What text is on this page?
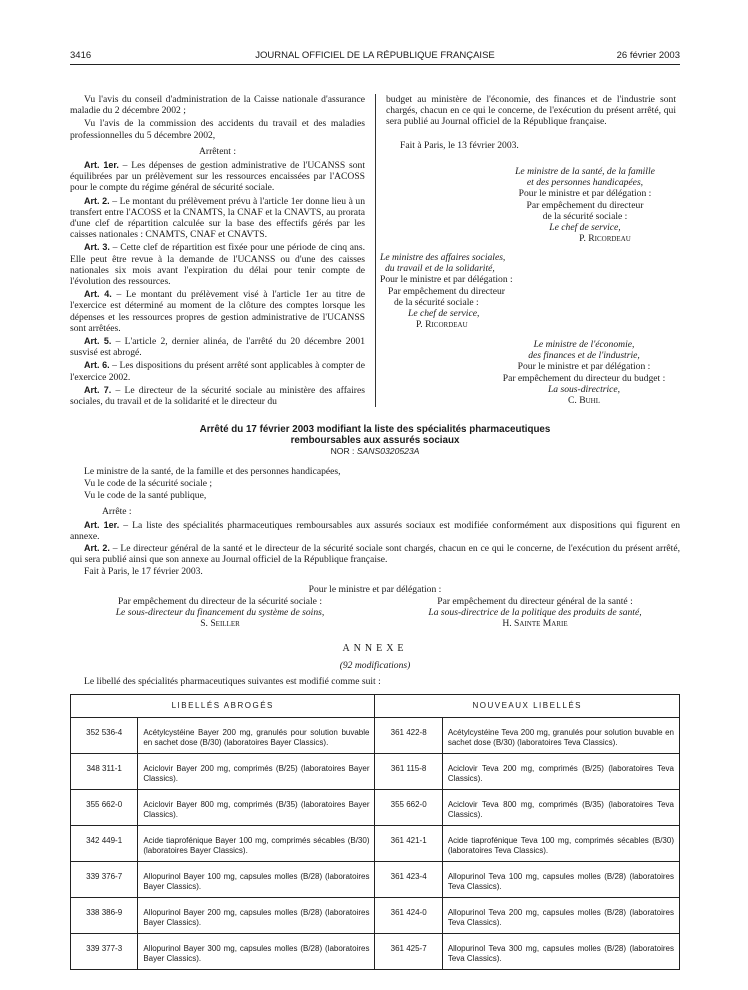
3416	JOURNAL OFFICIEL DE LA RÉPUBLIQUE FRANÇAISE	26 février 2003

Vu l'avis du conseil d'administration de la Caisse nationale d'assurance maladie du 2 décembre 2002 ;

Vu l'avis de la commission des accidents du travail et des maladies professionnelles du 5 décembre 2002,

Arrêtent :

Art. 1er. – Les dépenses de gestion administrative de l'UCANSS sont équilibrées par un prélèvement sur les ressources encaissées par l'ACOSS pour le compte du régime général de sécurité sociale.

Art. 2. – Le montant du prélèvement prévu à l'article 1er donne lieu à un transfert entre l'ACOSS et la CNAMTS, la CNAF et la CNAVTS, au prorata d'une clef de répartition calculée sur la base des effectifs gérés par les caisses nationales : CNAMTS, CNAF et CNAVTS.

Art. 3. – Cette clef de répartition est fixée pour une période de cinq ans. Elle peut être revue à la demande de l'UCANSS ou d'une des caisses nationales six mois avant l'expiration du délai pour tenir compte de l'évolution des ressources.

Art. 4. – Le montant du prélèvement visé à l'article 1er au titre de l'exercice est déterminé au moment de la clôture des comptes lorsque les dépenses et les ressources propres de gestion administrative de l'UCANSS sont arrêtées.

Art. 5. – L'article 2, dernier alinéa, de l'arrêté du 20 décembre 2001 susvisé est abrogé.

Art. 6. – Les dispositions du présent arrêté sont applicables à compter de l'exercice 2002.

Art. 7. – Le directeur de la sécurité sociale au ministère des affaires sociales, du travail et de la solidarité et le directeur du

budget au ministère de l'économie, des finances et de l'industrie sont chargés, chacun en ce qui le concerne, de l'exécution du présent arrêté, qui sera publié au Journal officiel de la République française.

Fait à Paris, le 13 février 2003.

Le ministre de la santé, de la famille

et des personnes handicapées,

Pour le ministre et par délégation :

Par empêchement du directeur

de la sécurité sociale :

Le chef de service,

P. Ricordeau

Le ministre des affaires sociales,

du travail et de la solidarité,

Pour le ministre et par délégation :

Par empêchement du directeur

de la sécurité sociale :

Le chef de service,

P. Ricordeau

Le ministre de l'économie,

des finances et de l'industrie,

Pour le ministre et par délégation :

Par empêchement du directeur du budget :

La sous-directrice,

C. Buhl

Arrêté du 17 février 2003 modifiant la liste des spécialités pharmaceutiques
remboursables aux assurés sociaux
NOR : SANS0320523A

Le ministre de la santé, de la famille et des personnes handicapées,

Vu le code de la sécurité sociale ;

Vu le code de la santé publique,

Arrête :

Art. 1er. – La liste des spécialités pharmaceutiques remboursables aux assurés sociaux est modifiée conformément aux dispositions qui figurent en annexe.

Art. 2. – Le directeur général de la santé et le directeur de la sécurité sociale sont chargés, chacun en ce qui le concerne, de l'exécution du présent arrêté, qui sera publié ainsi que son annexe au Journal officiel de la République française.

Fait à Paris, le 17 février 2003.

Pour le ministre et par délégation :

Par empêchement du directeur de la sécurité sociale :

Le sous-directeur du financement du système de soins,

S. Seiller

Par empêchement du directeur général de la santé :

La sous-directrice de la politique des produits de santé,

H. Sainte Marie

ANNEXE
(92 modifications)
Le libellé des spécialités pharmaceutiques suivantes est modifié comme suit :
LIBELLÉS ABROGÉS		NOUVEAUX LIBELLÉS	
352 536-4	Acétylcystéine Bayer 200 mg, granulés pour solution buvable en sachet dose (B/30) (laboratoires Bayer Classics).	361 422-8	Acétylcystéine Teva 200 mg, granulés pour solution buvable en sachet dose (B/30) (laboratoires Teva Classics).
348 311-1	Aciclovir Bayer 200 mg, comprimés (B/25) (laboratoires Bayer Classics).	361 115-8	Aciclovir Teva 200 mg, comprimés (B/25) (laboratoires Teva Classics).
355 662-0	Aciclovir Bayer 800 mg, comprimés (B/35) (laboratoires Bayer Classics).	355 662-0	Aciclovir Teva 800 mg, comprimés (B/35) (laboratoires Teva Classics).
342 449-1	Acide tiaprofénique Bayer 100 mg, comprimés sécables (B/30) (laboratoires Bayer Classics).	361 421-1	Acide tiaprofénique Teva 100 mg, comprimés sécables (B/30) (laboratoires Teva Classics).
339 376-7	Allopurinol Bayer 100 mg, capsules molles (B/28) (laboratoires Bayer Classics).	361 423-4	Allopurinol Teva 100 mg, capsules molles (B/28) (laboratoires Teva Classics).
338 386-9	Allopurinol Bayer 200 mg, capsules molles (B/28) (laboratoires Bayer Classics).	361 424-0	Allopurinol Teva 200 mg, capsules molles (B/28) (laboratoires Teva Classics).
339 377-3	Allopurinol Bayer 300 mg, capsules molles (B/28) (laboratoires Bayer Classics).	361 425-7	Allopurinol Teva 300 mg, capsules molles (B/28) (laboratoires Teva Classics).
